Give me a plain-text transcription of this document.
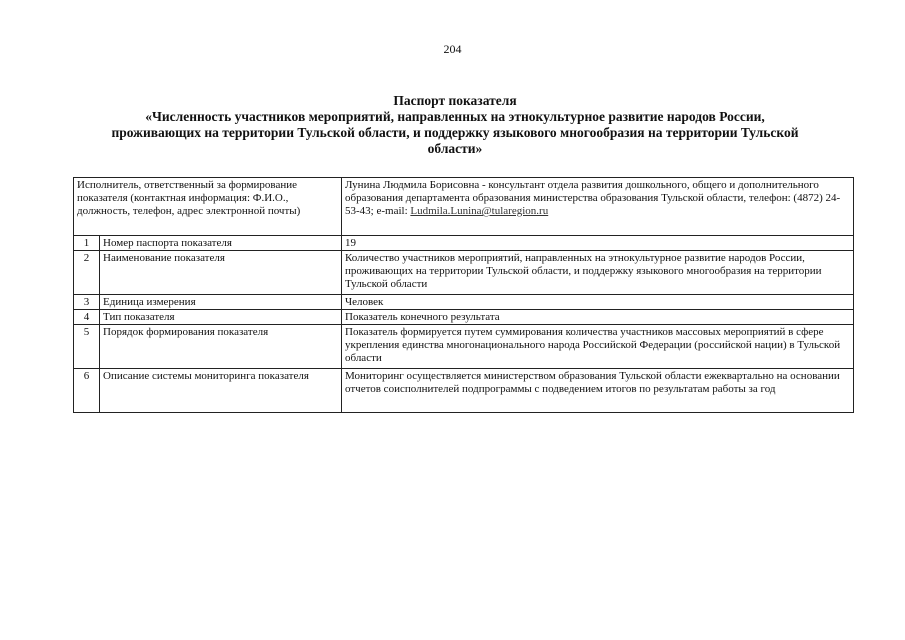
204
Паспорт показателя
«Численность участников мероприятий, направленных на этнокультурное развитие народов России,
проживающих на территории Тульской области, и поддержку языкового многообразия на территории Тульской
области»
Исполнитель, ответственный за формирование показателя (контактная информация: Ф.И.О., должность, телефон, адрес электронной почты)		Лунина Людмила Борисовна - консультант отдела развития дошкольного, общего и дополнительного образования департамента образования министерства образования Тульской области, телефон: (4872) 24-53-43; e-mail: Ludmila.Lunina@tularegion.ru
1	Номер паспорта показателя	19
2	Наименование показателя	Количество участников мероприятий, направленных на этнокультурное развитие народов России, проживающих на территории Тульской области, и поддержку языкового многообразия на территории Тульской области
3	Единица измерения	Человек
4	Тип показателя	Показатель конечного результата
5	Порядок формирования показателя	Показатель формируется путем суммирования количества участников массовых мероприятий в сфере укрепления единства многонационального народа Российской Федерации (российской нации) в Тульской области
6	Описание системы мониторинга показателя	Мониторинг осуществляется министерством образования Тульской области ежеквартально на основании отчетов соисполнителей подпрограммы с подведением итогов по результатам работы за год
